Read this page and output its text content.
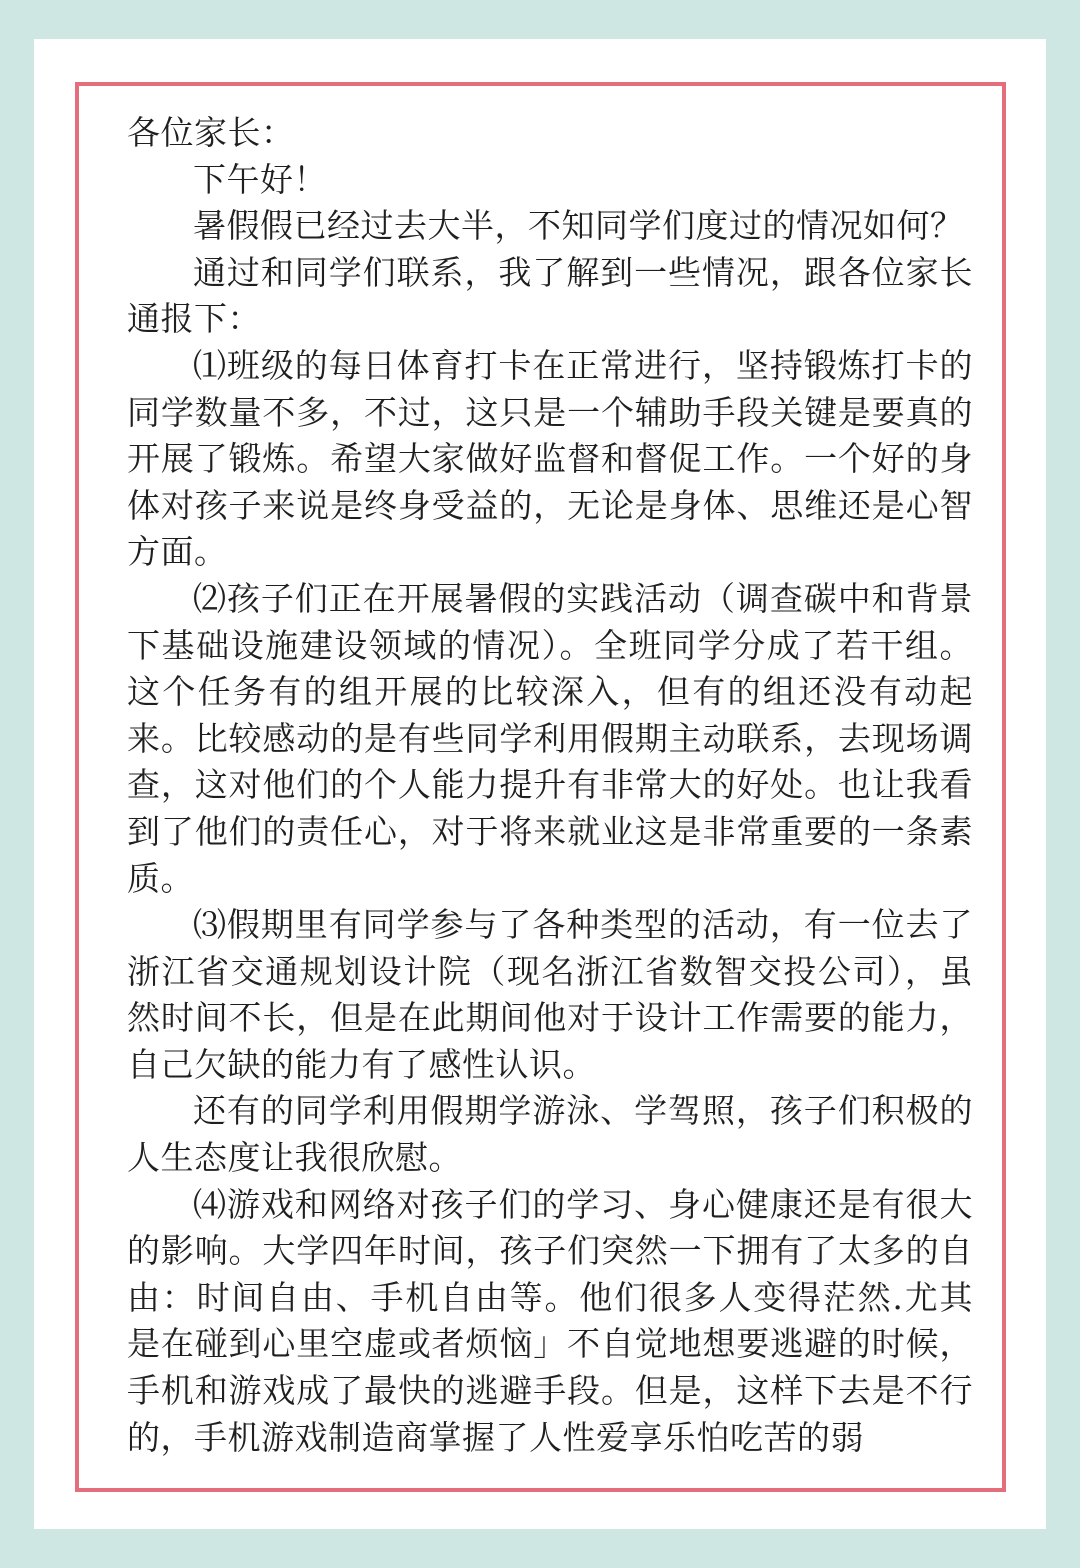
各位家长：

下午好！

暑假假已经过去大半，不知同学们度过的情况如何？

通过和同学们联系，我了解到一些情况，跟各位家长通报下：

⑴班级的每日体育打卡在正常进行，坚持锻炼打卡的同学数量不多，不过，这只是一个辅助手段关键是要真的开展了锻炼。希望大家做好监督和督促工作。一个好的身体对孩子来说是终身受益的，无论是身体、思维还是心智方面。

⑵孩子们正在开展暑假的实践活动（调查碳中和背景下基础设施建设领域的情况）。全班同学分成了若干组。这个任务有的组开展的比较深入，但有的组还没有动起来。比较感动的是有些同学利用假期主动联系，去现场调查，这对他们的个人能力提升有非常大的好处。也让我看到了他们的责任心，对于将来就业这是非常重要的一条素质。

⑶假期里有同学参与了各种类型的活动，有一位去了浙江省交通规划设计院（现名浙江省数智交投公司），虽然时间不长，但是在此期间他对于设计工作需要的能力，自己欠缺的能力有了感性认识。

还有的同学利用假期学游泳、学驾照，孩子们积极的人生态度让我很欣慰。

⑷游戏和网络对孩子们的学习、身心健康还是有很大的影响。大学四年时间，孩子们突然一下拥有了太多的自由：时间自由、手机自由等。他们很多人变得茫然.尤其是在碰到心里空虚或者烦恼」不自觉地想要逃避的时候，手机和游戏成了最快的逃避手段。但是，这样下去是不行的，手机游戏制造商掌握了人性爱享乐怕吃苦的弱
